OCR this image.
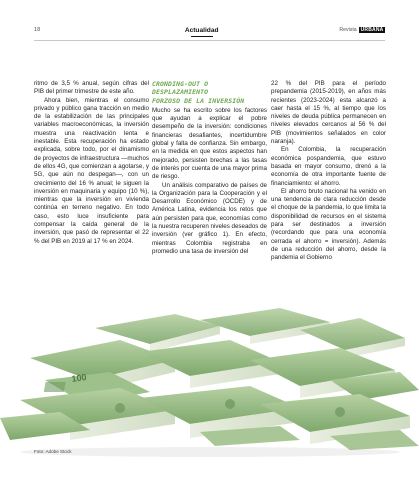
18	Actualidad	Revista URBANA

ritmo de 3,5 % anual, según cifras del PIB del primer trimestre de este año.

Ahora bien, mientras el consumo privado y público gana tracción en medio de la estabilización de las principales variables macroeconómicas, la inversión muestra una reactivación lenta e inestable. Esta recuperación ha estado explicada, sobre todo, por el dinamismo de proyectos de infraestructura —muchos de ellos 4G, que comienzan a agotarse, y 5G, que aún no despegan—, con un crecimiento del 16 % anual; le siguen la inversión en maquinaria y equipo (10 %), mientras que la inversión en vivienda continúa en terreno negativo. En todo caso, esto luce insuficiente para compensar la caída general de la inversión, que pasó de representar el 22 % del PIB en 2019 al 17 % en 2024.

CRONDING-OUT O
DESPLAZAMIENTO
FORZOSO DE LA INVERSIÓN

Mucho se ha escrito sobre los factores que ayudan a explicar el pobre desempeño de la inversión: condiciones financieras desafiantes, incertidumbre global y falta de confianza. Sin embargo, en la medida en que estos aspectos han mejorado, persisten brechas a las tasas de interés por cuenta de una mayor prima de riesgo.

Un análisis comparativo de países de la Organización para la Cooperación y el Desarrollo Económico (OCDE) y de América Latina, evidencia los retos que aún persisten para que, economías como la nuestra recuperen niveles deseados de inversión (ver gráfico 1). En efecto, mientras Colombia registraba en promedio una tasa de inversión del

22 % del PIB para el período prepandemia (2015-2019), en años más recientes (2023-2024) esta alcanzó a caer hasta el 15 %, al tiempo que los niveles de deuda pública permanecen en niveles elevados cercanos al 56 % del PIB (movimientos señalados en color naranja).

En Colombia, la recuperación económica pospandemia, que estuvo basada en mayor consumo, drenó a la economía de otra importante fuente de financiamiento: el ahorro.

El ahorro bruto nacional ha venido en una tendencia de clara reducción desde el choque de la pandemia, lo que limita la disponibilidad de recursos en el sistema para ser destinados a inversión (recordando que para una economía cerrada el ahorro = inversión). Además de una reducción del ahorro, desde la pandemia el Gobierno

100
Foto: Adobe Stock
